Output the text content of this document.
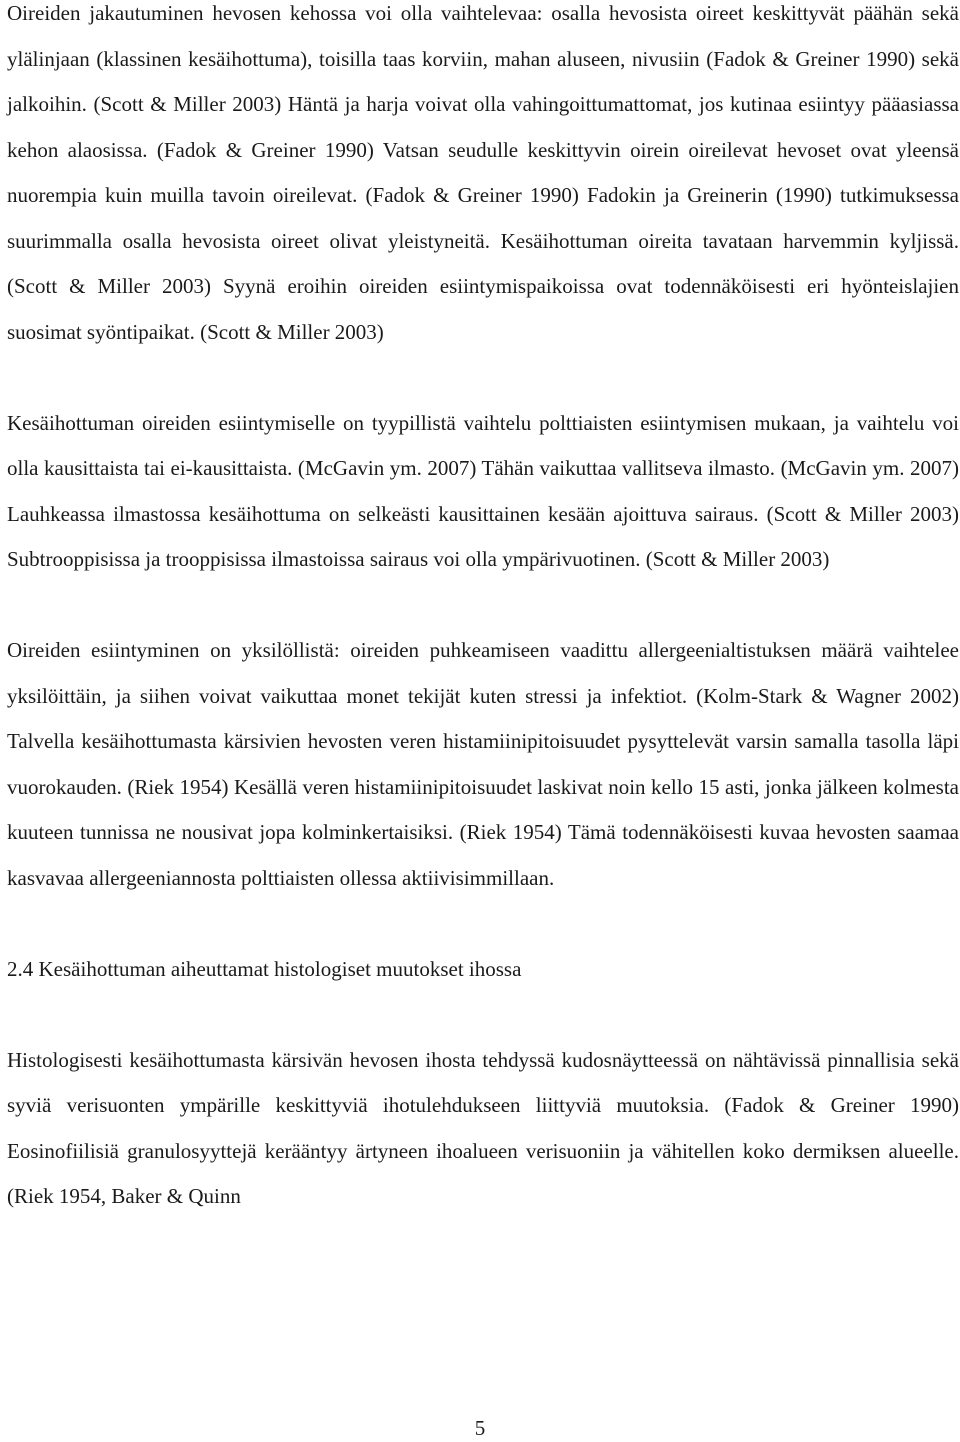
Oireiden jakautuminen hevosen kehossa voi olla vaihtelevaa: osalla hevosista oireet keskittyvät päähän sekä ylälinjaan (klassinen kesäihottuma), toisilla taas korviin, mahan aluseen, nivusiin (Fadok & Greiner 1990) sekä jalkoihin. (Scott & Miller 2003) Häntä ja harja voivat olla vahingoittumattomat, jos kutinaa esiintyy pääasiassa kehon alaosissa. (Fadok & Greiner 1990) Vatsan seudulle keskittyvin oirein oireilevat hevoset ovat yleensä nuorempia kuin muilla tavoin oireilevat. (Fadok & Greiner 1990) Fadokin ja Greinerin (1990) tutkimuksessa suurimmalla osalla hevosista oireet olivat yleistyneitä. Kesäihottuman oireita tavataan harvemmin kyljissä. (Scott & Miller 2003) Syynä eroihin oireiden esiintymispaikoissa ovat todennäköisesti eri hyönteislajien suosimat syöntipaikat. (Scott & Miller 2003)

Kesäihottuman oireiden esiintymiselle on tyypillistä vaihtelu polttiaisten esiintymisen mukaan, ja vaihtelu voi olla kausittaista tai ei-kausittaista. (McGavin ym. 2007) Tähän vaikuttaa vallitseva ilmasto. (McGavin ym. 2007) Lauhkeassa ilmastossa kesäihottuma on selkeästi kausittainen kesään ajoittuva sairaus. (Scott & Miller 2003) Subtrooppisissa ja trooppisissa ilmastoissa sairaus voi olla ympärivuotinen. (Scott & Miller 2003)

Oireiden esiintyminen on yksilöllistä: oireiden puhkeamiseen vaadittu allergeenialtistuksen määrä vaihtelee yksilöittäin, ja siihen voivat vaikuttaa monet tekijät kuten stressi ja infektiot. (Kolm-Stark & Wagner 2002) Talvella kesäihottumasta kärsivien hevosten veren histamiinipitoisuudet pysyttelevät varsin samalla tasolla läpi vuorokauden. (Riek 1954) Kesällä veren histamiinipitoisuudet laskivat noin kello 15 asti, jonka jälkeen kolmesta kuuteen tunnissa ne nousivat jopa kolminkertaisiksi. (Riek 1954) Tämä todennäköisesti kuvaa hevosten saamaa kasvavaa allergeeniannosta polttiaisten ollessa aktiivisimmillaan.

2.4 Kesäihottuman aiheuttamat histologiset muutokset ihossa

Histologisesti kesäihottumasta kärsivän hevosen ihosta tehdyssä kudosnäytteessä on nähtävissä pinnallisia sekä syviä verisuonten ympärille keskittyviä ihotulehdukseen liittyviä muutoksia. (Fadok & Greiner 1990) Eosinofiilisiä granulosyyttejä kerääntyy ärtyneen ihoalueen verisuoniin ja vähitellen koko dermiksen alueelle. (Riek 1954, Baker & Quinn

5
